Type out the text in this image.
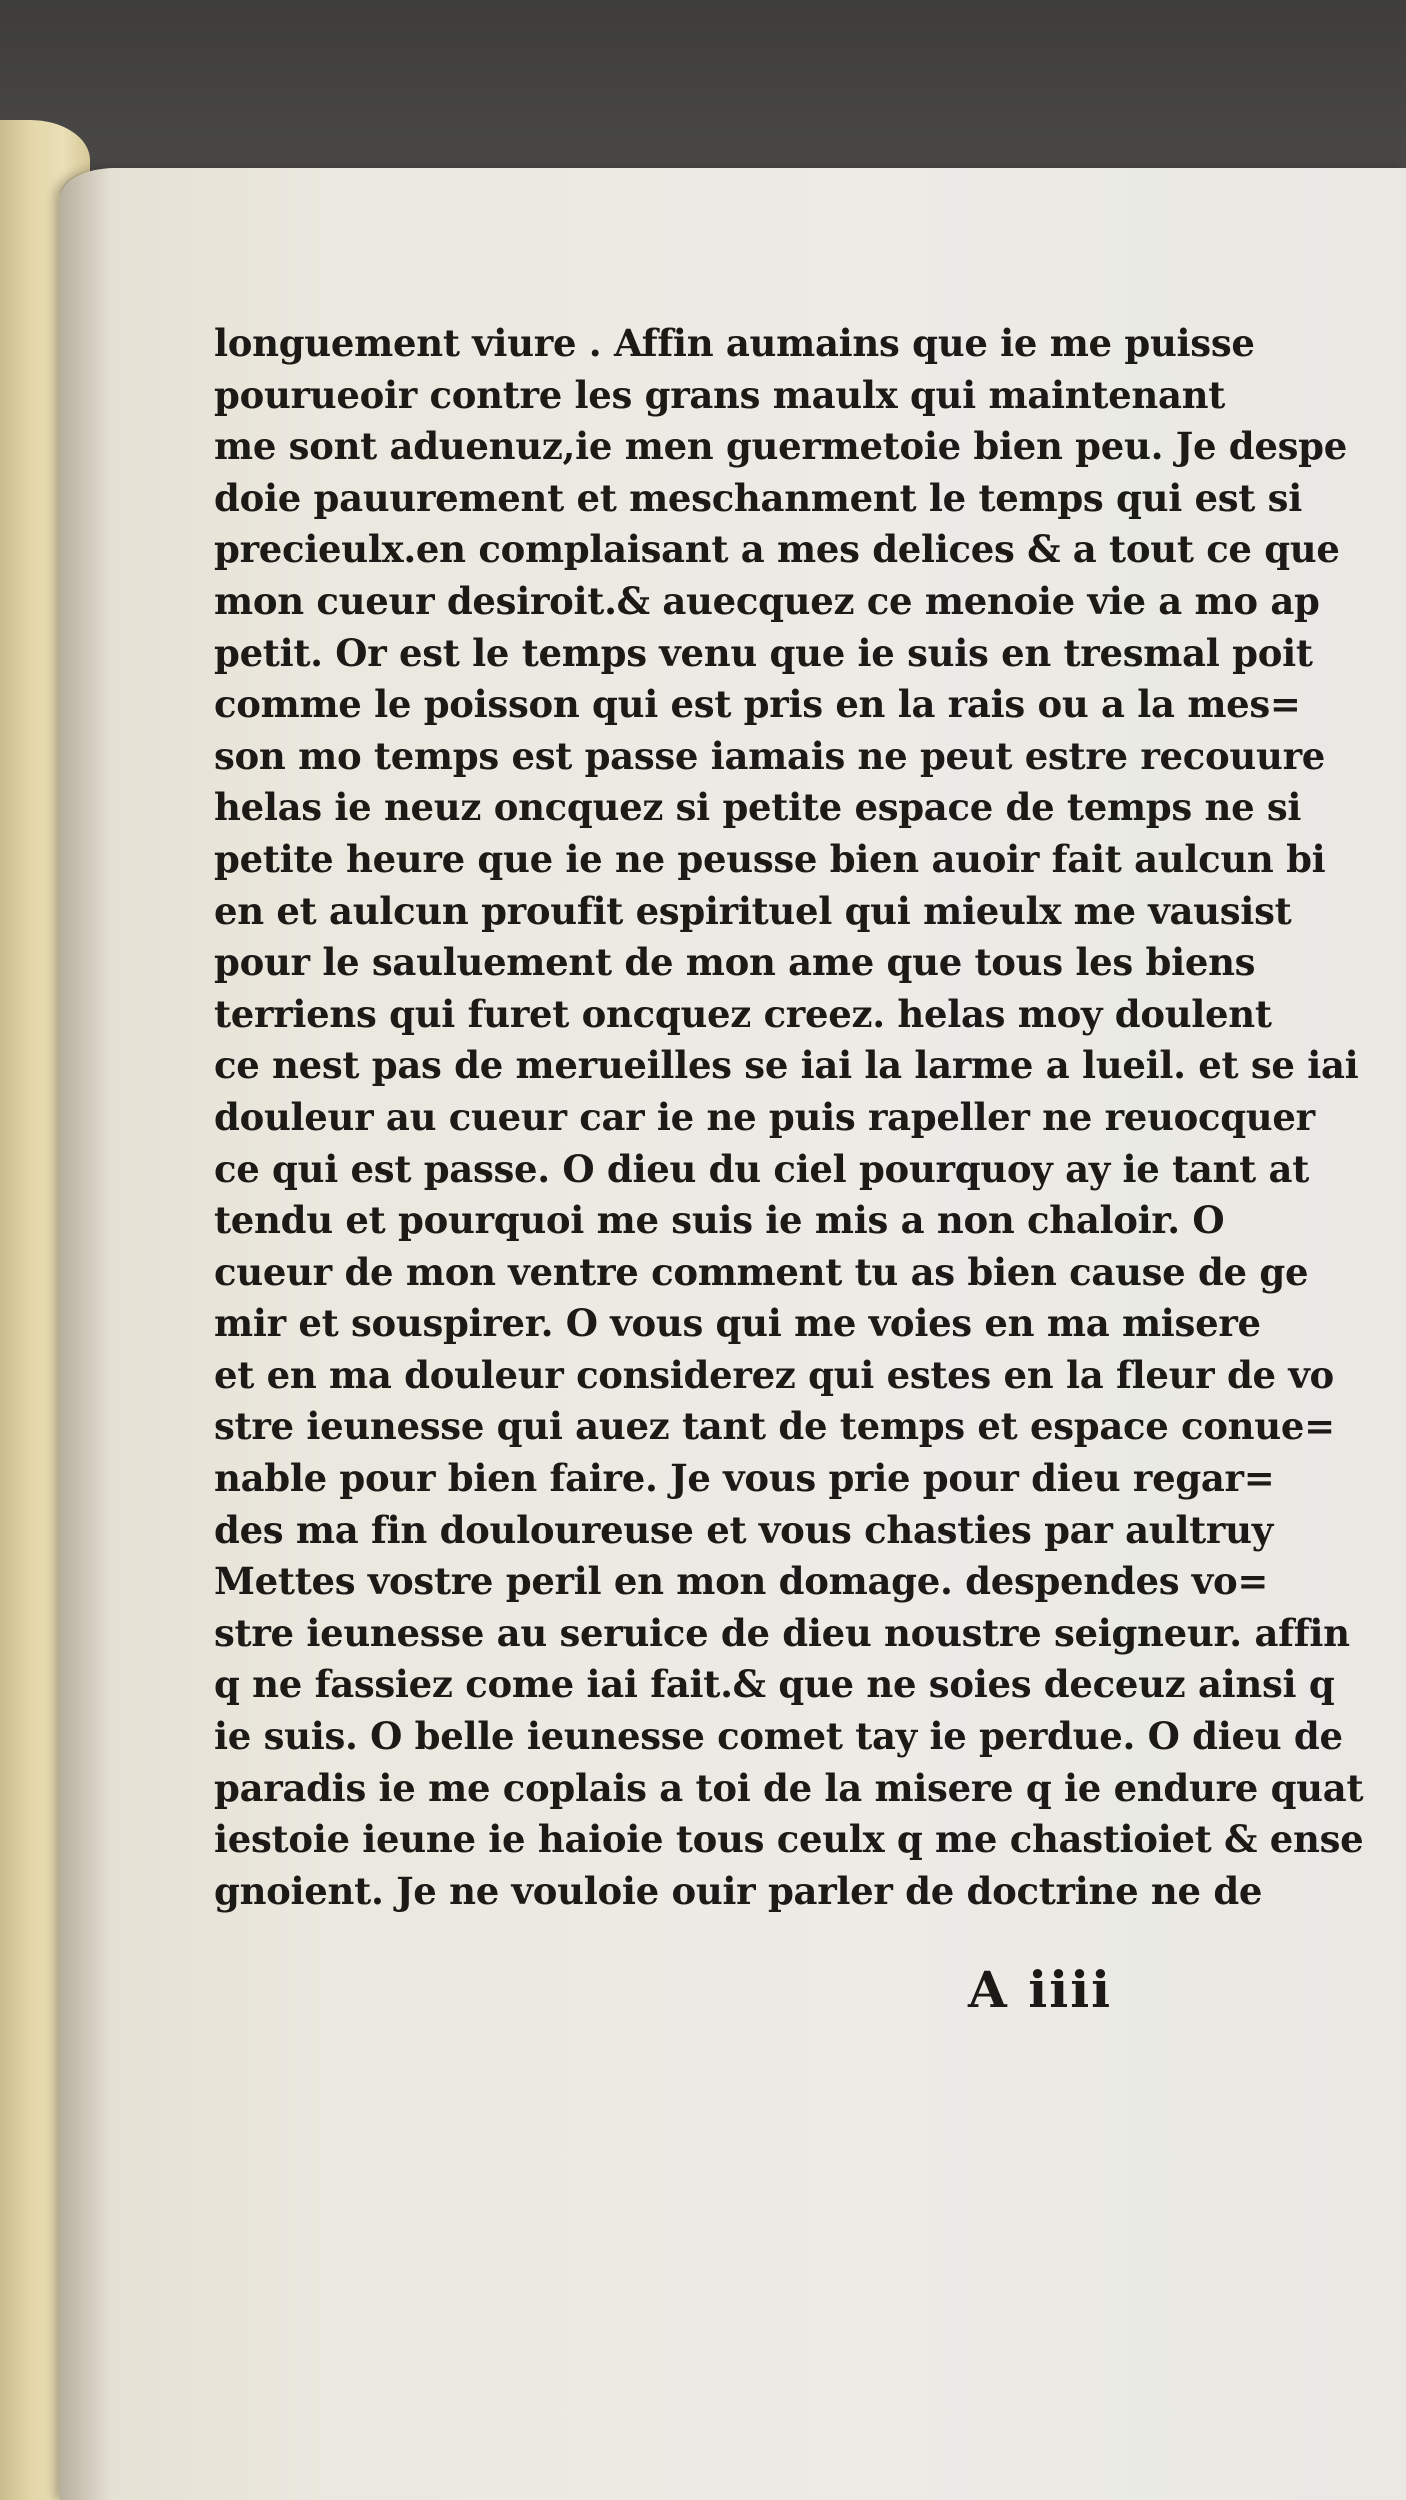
longuement viure . Affin aumains que ie me puisse
pourueoir contre les grans maulx qui maintenant
me sont aduenuz,ie men guermetoie bien peu. Je despe
doie pauurement et meschanment le temps qui est si
precieulx.en complaisant a mes delices & a tout ce que
mon cueur desiroit.& auecquez ce menoie vie a mo ap
petit. Or est le temps venu que ie suis en tresmal poit
comme le poisson qui est pris en la rais ou a la mes=
son mo temps est passe iamais ne peut estre recouure
helas ie neuz oncquez si petite espace de temps ne si
petite heure que ie ne peusse bien auoir fait aulcun bi
en et aulcun proufit espirituel qui mieulx me vausist
pour le sauluement de mon ame que tous les biens
terriens qui furet oncquez creez. helas moy doulent
ce nest pas de merueilles se iai la larme a lueil. et se iai
douleur au cueur car ie ne puis rapeller ne reuocquer
ce qui est passe. O dieu du ciel pourquoy ay ie tant at
tendu et pourquoi me suis ie mis a non chaloir. O
cueur de mon ventre comment tu as bien cause de ge
mir et souspirer. O vous qui me voies en ma misere
et en ma douleur considerez qui estes en la fleur de vo
stre ieunesse qui auez tant de temps et espace conue=
nable pour bien faire. Je vous prie pour dieu regar=
des ma fin douloureuse et vous chasties par aultruy
Mettes vostre peril en mon domage. despendes vo=
stre ieunesse au seruice de dieu noustre seigneur. affin
q ne fassiez come iai fait.& que ne soies deceuz ainsi q
ie suis. O belle ieunesse comet tay ie perdue. O dieu de
paradis ie me coplais a toi de la misere q ie endure quat
iestoie ieune ie haioie tous ceulx q me chastioiet & ense
gnoient. Je ne vouloie ouir parler de doctrine ne de
A iiii
